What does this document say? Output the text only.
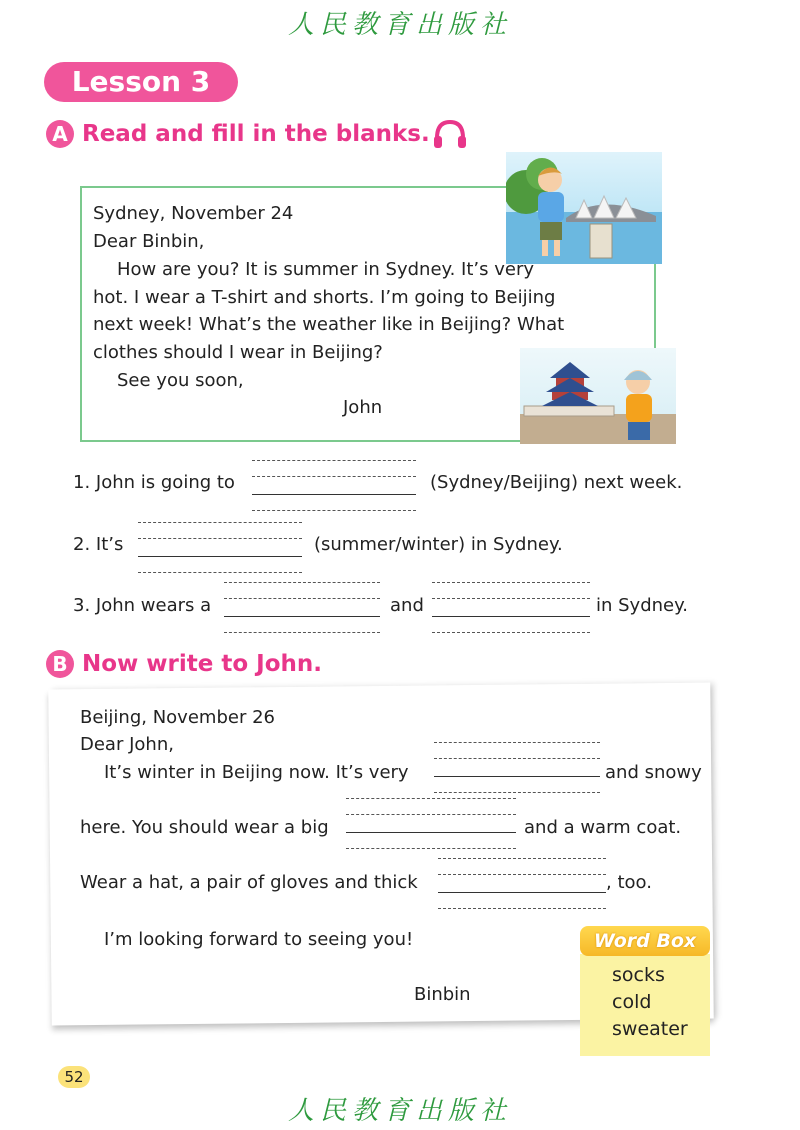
人民教育出版社
Lesson 3
A Read and fill in the blanks.
Sydney, November 24
Dear Binbin,
How are you? It is summer in Sydney. It’s very
hot. I wear a T-shirt and shorts. I’m going to Beijing
next week! What’s the weather like in Beijing? What
clothes should I wear in Beijing?
See you soon,
John
1. John is going to	(Sydney/Beijing) next week.
2. It’s	(summer/winter) in Sydney.
3. John wears a	and	in Sydney.
B Now write to John.
Beijing, November 26
Dear John,
It’s winter in Beijing now. It’s very	and snowy
here. You should wear a big	and a warm coat.
Wear a hat, a pair of gloves and thick	, too.
I’m looking forward to seeing you!
Binbin
Word Box
socks
cold
sweater
52
人民教育出版社
